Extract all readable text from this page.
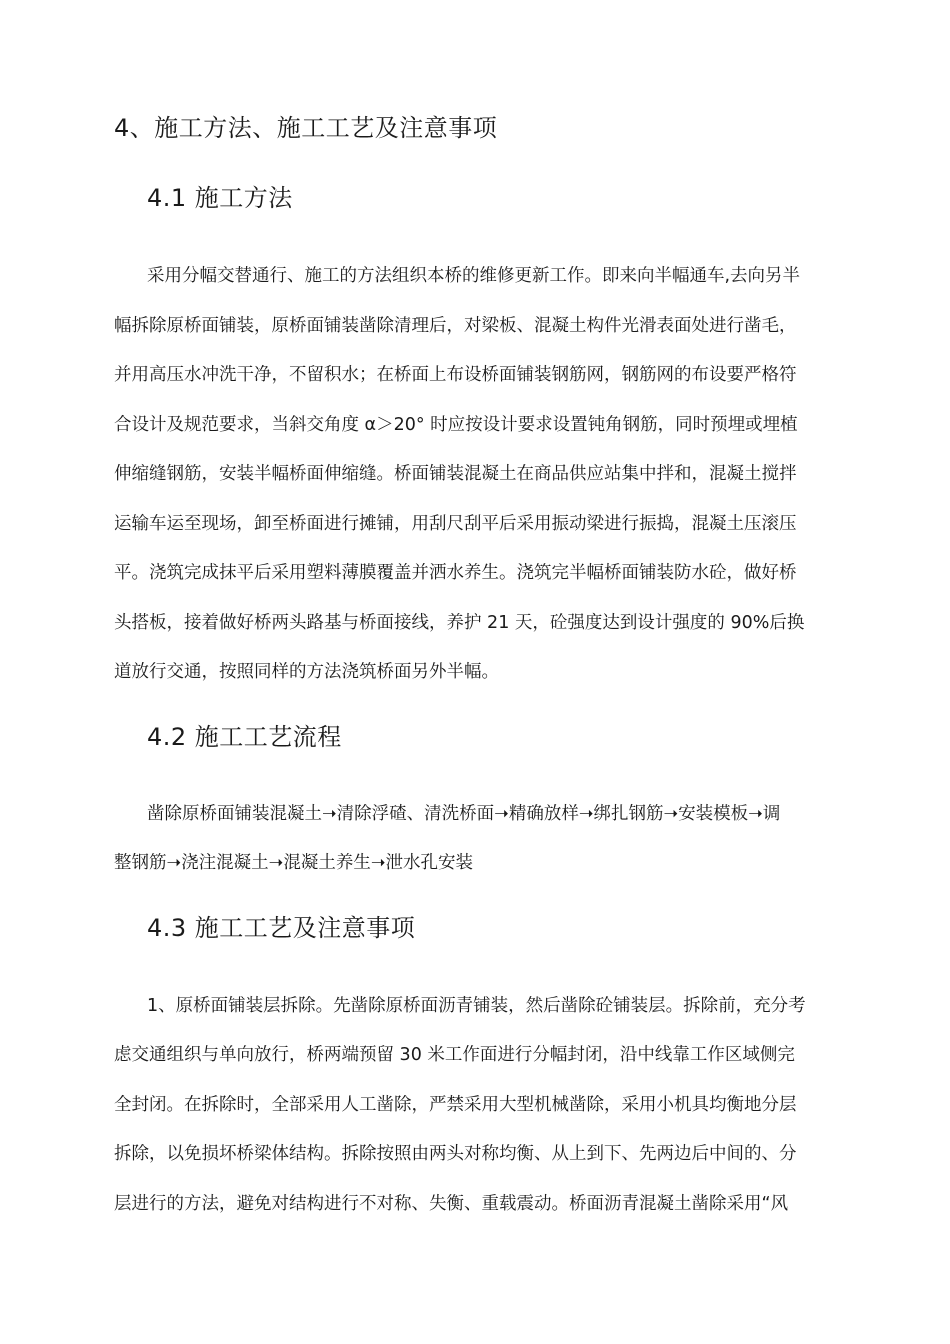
4、施工方法、施工工艺及注意事项
4.1 施工方法
采用分幅交替通行、施工的方法组织本桥的维修更新工作。即来向半幅通车,去向另半
幅拆除原桥面铺装，原桥面铺装凿除清理后，对梁板、混凝土构件光滑表面处进行凿毛，
并用高压水冲洗干净，不留积水；在桥面上布设桥面铺装钢筋网，钢筋网的布设要严格符
合设计及规范要求，当斜交角度 α＞20° 时应按设计要求设置钝角钢筋，同时预埋或埋植
伸缩缝钢筋，安装半幅桥面伸缩缝。桥面铺装混凝土在商品供应站集中拌和，混凝土搅拌
运输车运至现场，卸至桥面进行摊铺，用刮尺刮平后采用振动梁进行振捣，混凝土压滚压
平。浇筑完成抹平后采用塑料薄膜覆盖并洒水养生。浇筑完半幅桥面铺装防水砼，做好桥
头搭板，接着做好桥两头路基与桥面接线，养护 21 天，砼强度达到设计强度的 90%后换
道放行交通，按照同样的方法浇筑桥面另外半幅。
4.2 施工工艺流程
凿除原桥面铺装混凝土➝清除浮碴、清洗桥面➝精确放样➝绑扎钢筋➝安装模板➝调
整钢筋➝浇注混凝土➝混凝土养生➝泄水孔安装
4.3 施工工艺及注意事项
1、原桥面铺装层拆除。先凿除原桥面沥青铺装，然后凿除砼铺装层。拆除前，充分考
虑交通组织与单向放行，桥两端预留 30 米工作面进行分幅封闭，沿中线靠工作区域侧完
全封闭。在拆除时，全部采用人工凿除，严禁采用大型机械凿除，采用小机具均衡地分层
拆除，以免损坏桥梁体结构。拆除按照由两头对称均衡、从上到下、先两边后中间的、分
层进行的方法，避免对结构进行不对称、失衡、重载震动。桥面沥青混凝土凿除采用“风
